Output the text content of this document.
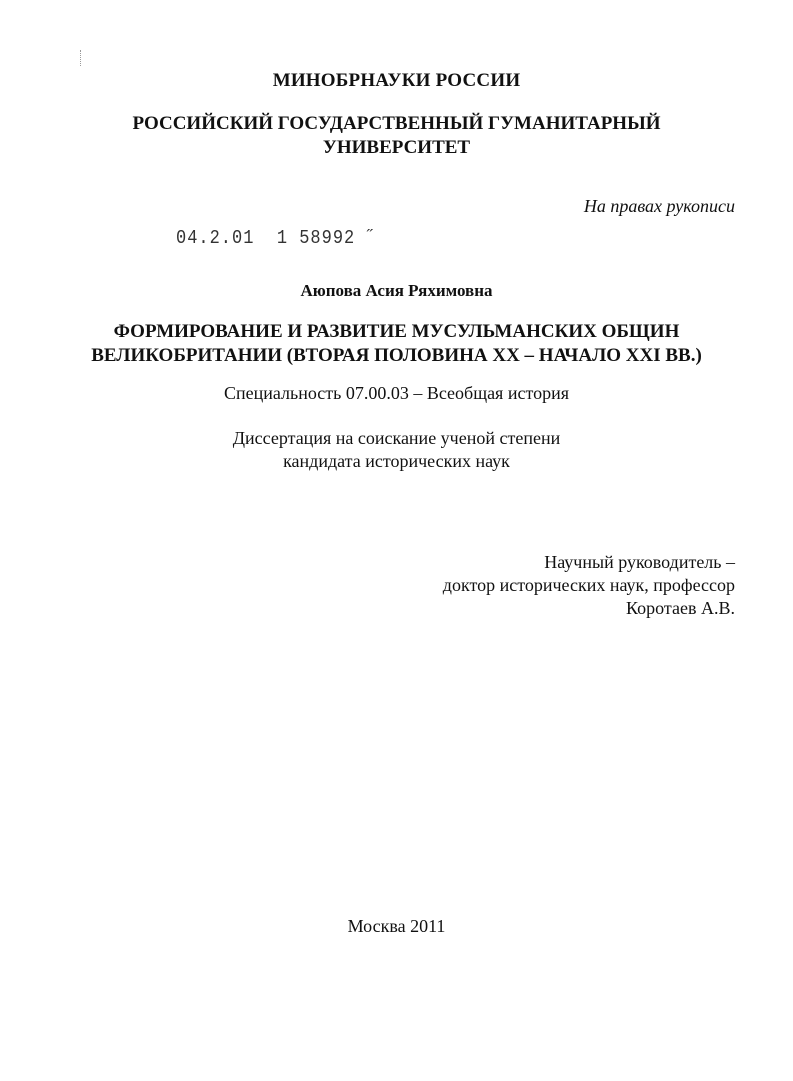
МИНОБРНАУКИ РОССИИ
РОССИЙСКИЙ ГОСУДАРСТВЕННЫЙ ГУМАНИТАРНЫЙ
УНИВЕРСИТЕТ
На правах рукописи
04.2.01  1 58992 ˝
Аюпова Асия Ряхимовна
ФОРМИРОВАНИЕ И РАЗВИТИЕ МУСУЛЬМАНСКИХ ОБЩИН
ВЕЛИКОБРИТАНИИ (ВТОРАЯ ПОЛОВИНА XX – НАЧАЛО XXI ВВ.)
Специальность 07.00.03 – Всеобщая история
Диссертация на соискание ученой степени
кандидата исторических наук
Научный руководитель –
доктор исторических наук, профессор
Коротаев А.В.
Москва 2011
